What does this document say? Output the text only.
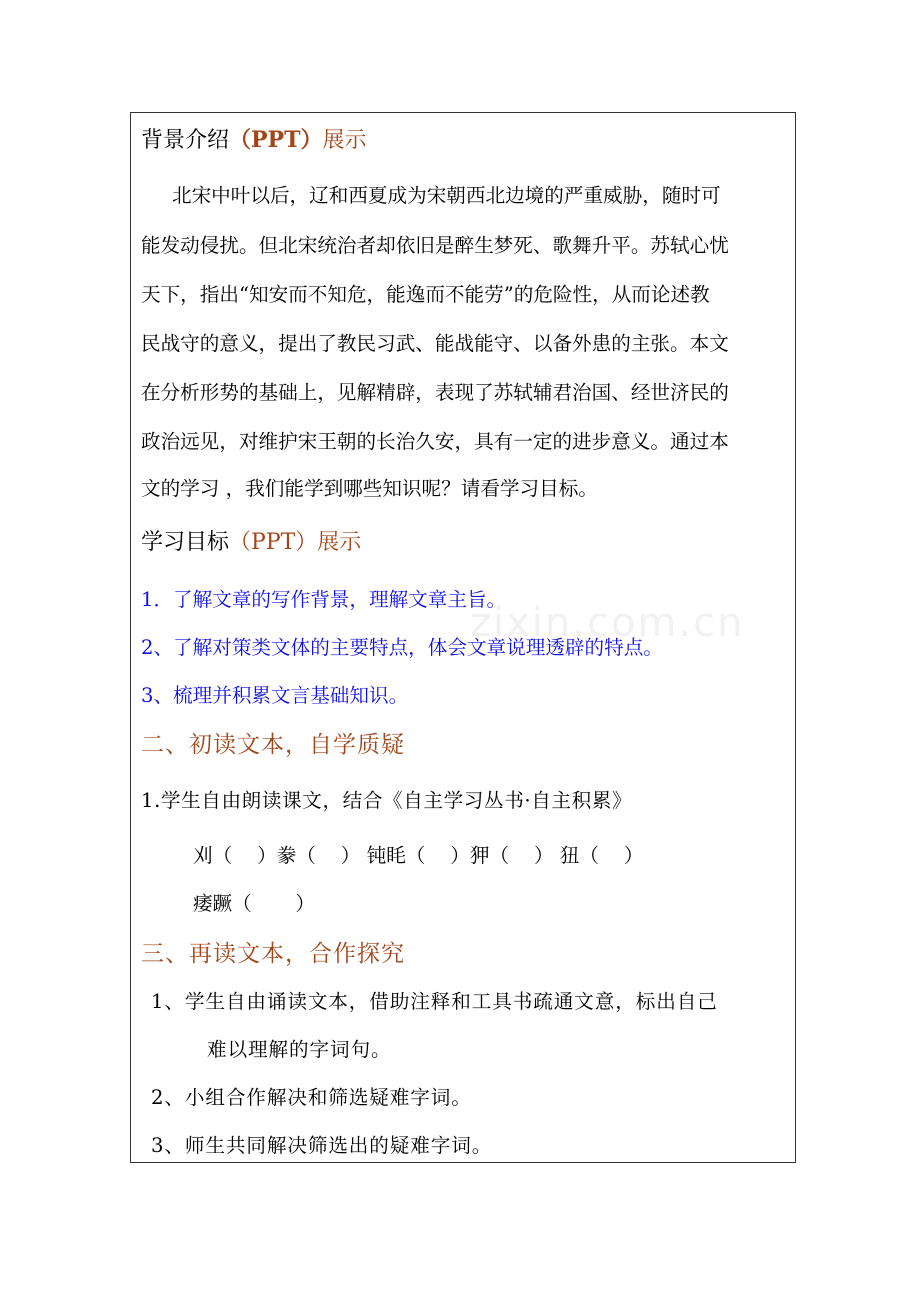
zixin.com.cn
背景介绍（PPT）展示
北宋中叶以后，辽和西夏成为宋朝西北边境的严重威胁，随时可
能发动侵扰。但北宋统治者却依旧是醉生梦死、歌舞升平。苏轼心忧
天下，指出“知安而不知危，能逸而不能劳”的危险性，从而论述教
民战守的意义，提出了教民习武、能战能守、以备外患的主张。本文
在分析形势的基础上，见解精辟，表现了苏轼辅君治国、经世济民的
政治远见，对维护宋王朝的长治久安，具有一定的进步意义。通过本
文的学习 ，我们能学到哪些知识呢？请看学习目标。
学习目标（PPT）展示
1．了解文章的写作背景，理解文章主旨。
2、了解对策类文体的主要特点，体会文章说理透辟的特点。
3、梳理并积累文言基础知识。
二、初读文本，自学质疑
1.学生自由朗读课文，结合《自主学习丛书·自主积累》
刈（    ）豢（    ） 钝眊（    ）狎（    ） 狃（    ）
痿蹶（       ）
三、再读文本，合作探究
1、学生自由诵读文本，借助注释和工具书疏通文意，标出自己
难以理解的字词句。
2、小组合作解决和筛选疑难字词。
3、师生共同解决筛选出的疑难字词。
